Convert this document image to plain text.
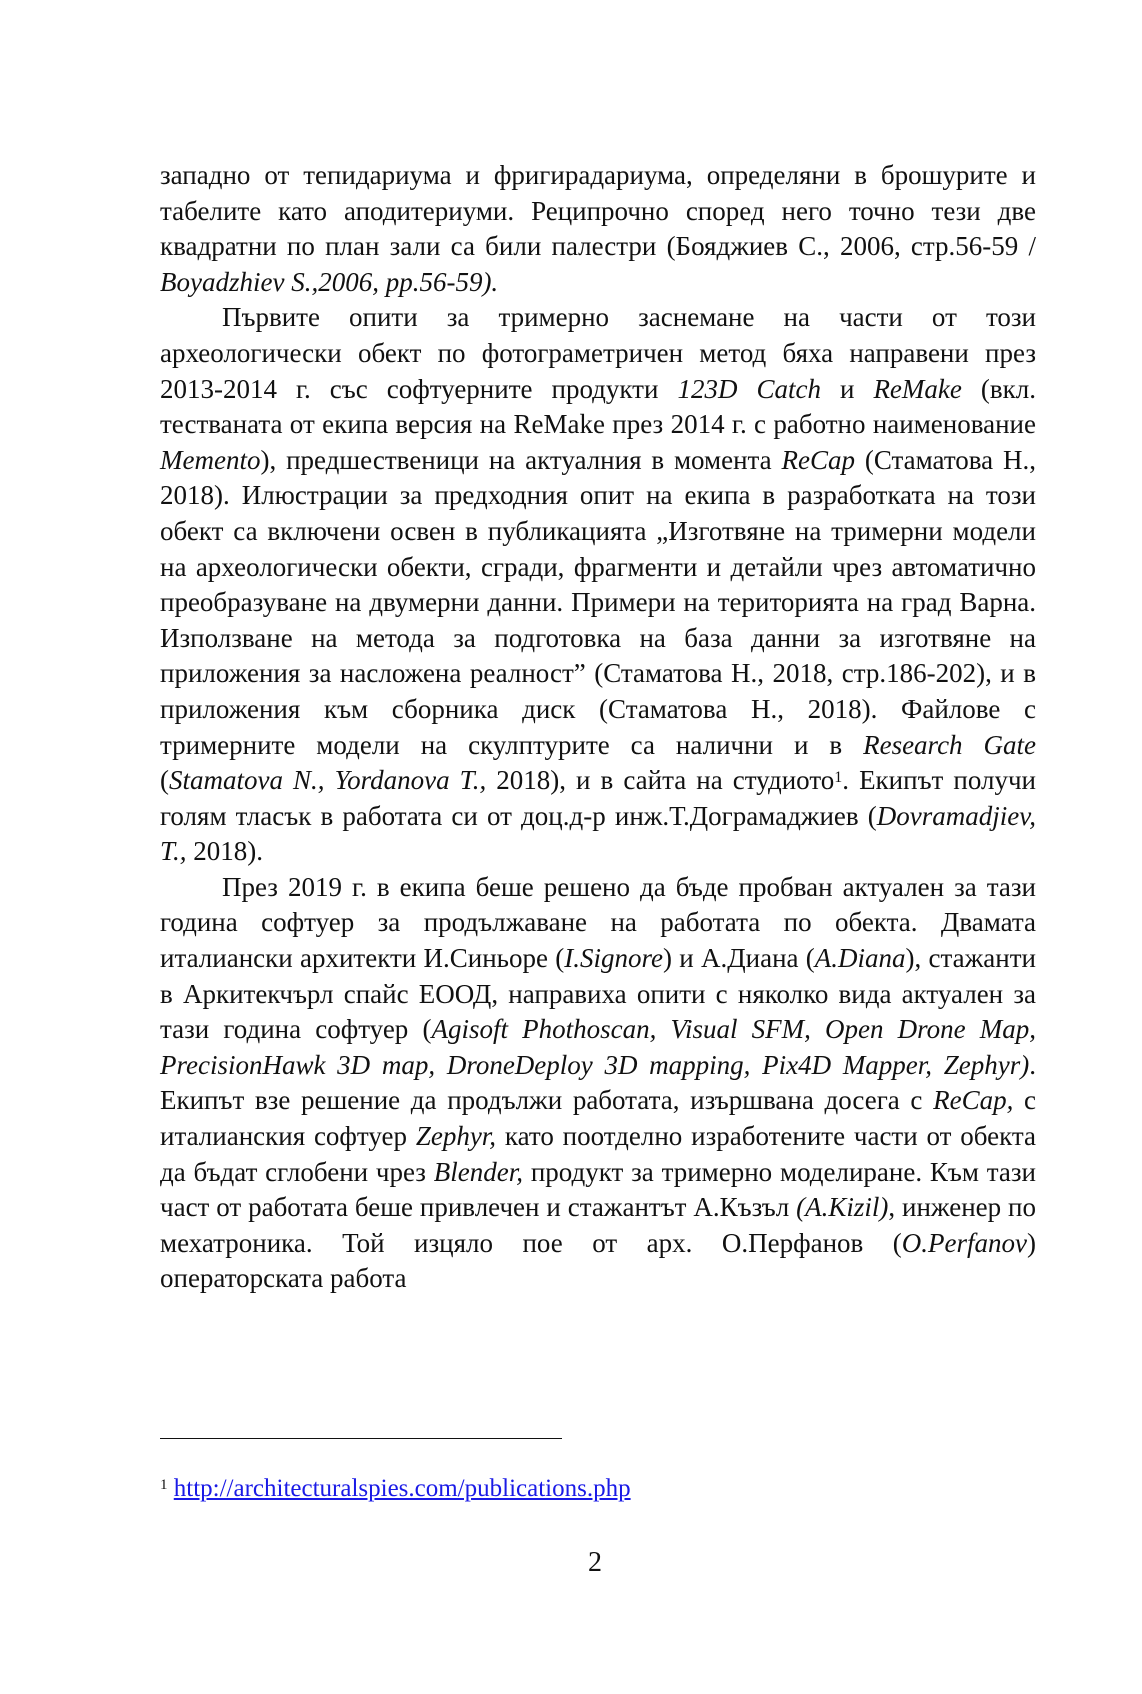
западно от тепидариума и фригирадариума, определяни в брошурите и табелите като аподитериуми. Реципрочно според него точно тези две квадратни по план зали са били палестри (Бояджиев С., 2006, стр.56-59 / Boyadzhiev S.,2006, pp.56-59).

Първите опити за тримерно заснемане на части от този археологически обект по фотограметричен метод бяха направени през 2013-2014 г. със софтуерните продукти 123D Catch и ReMake (вкл. тестваната от екипа версия на ReMake през 2014 г. с работно наименование Memento), предшественици на актуалния в момента ReCap (Стаматова Н., 2018). Илюстрации за предходния опит на екипа в разработката на този обект са включени освен в публикацията „Изготвяне на тримерни модели на археологически обекти, сгради, фрагменти и детайли чрез автоматично преобразуване на двумерни данни. Примери на територията на град Варна. Използване на метода за подготовка на база данни за изготвяне на приложения за насложена реалност” (Стаматова Н., 2018, стр.186-202), и в приложения към сборника диск (Стаматова Н., 2018). Файлове с тримерните модели на скулптурите са налични и в Research Gate (Stamatova N., Yordanova T., 2018), и в сайта на студиото$^1$. Екипът получи голям тласък в работата си от доц.д-р инж.Т.Дограмаджиев (Dovramadjiev, T., 2018).

През 2019 г. в екипа беше решено да бъде пробван актуален за тази година софтуер за продължаване на работата по обекта. Двамата италиански архитекти И.Синьоре (I.Signore) и А.Диана (A.Diana), стажанти в Аркитекчърл спайс ЕООД, направиха опити с няколко вида актуален за тази година софтуер (Agisoft Phothoscan, Visual SFM, Open Drone Map, PrecisionHawk 3D map, DroneDeploy 3D mapping, Pix4D Mapper, Zephyr). Екипът взе решение да продължи работата, изършвана досега с ReCap, с италианския софтуер Zephyr, като поотделно изработените части от обекта да бъдат сглобени чрез Blender, продукт за тримерно моделиране. Към тази част от работата беше привлечен и стажантът А.Къзъл (A.Kizil), инженер по мехатроника. Той изцяло пое от арх. О.Перфанов (O.Perfanov) операторската работа

$^1$ http://architecturalspies.com/publications.php
2
